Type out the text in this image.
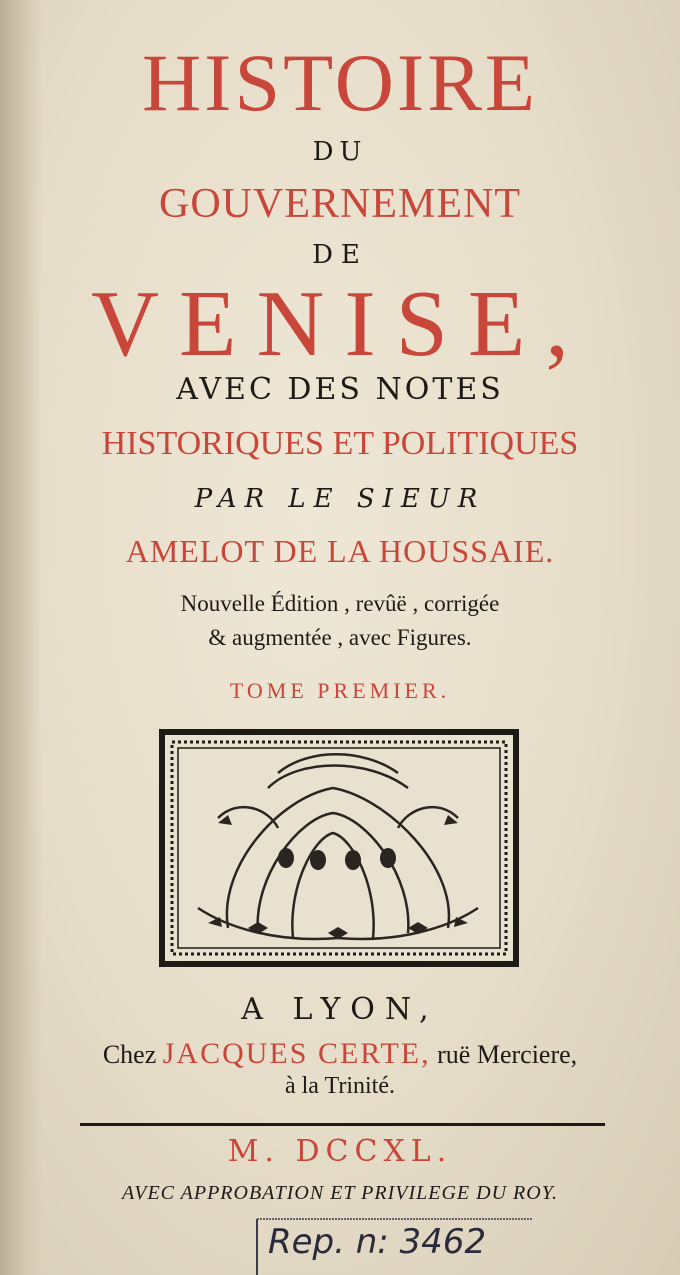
HISTOIRE
DU
GOUVERNEMENT
DE
VENISE,
AVEC DES NOTES
HISTORIQUES ET POLITIQUES
PAR LE SIEUR
AMELOT DE LA HOUSSAIE.
Nouvelle Édition , revûë , corrigée
& augmentée , avec Figures.
TOME PREMIER.
A LYON,
Chez JACQUES CERTE, ruë Merciere,
à la Trinité.
M. DCCXL.
AVEC APPROBATION ET PRIVILEGE DU ROY.
Rep. n: 3462
